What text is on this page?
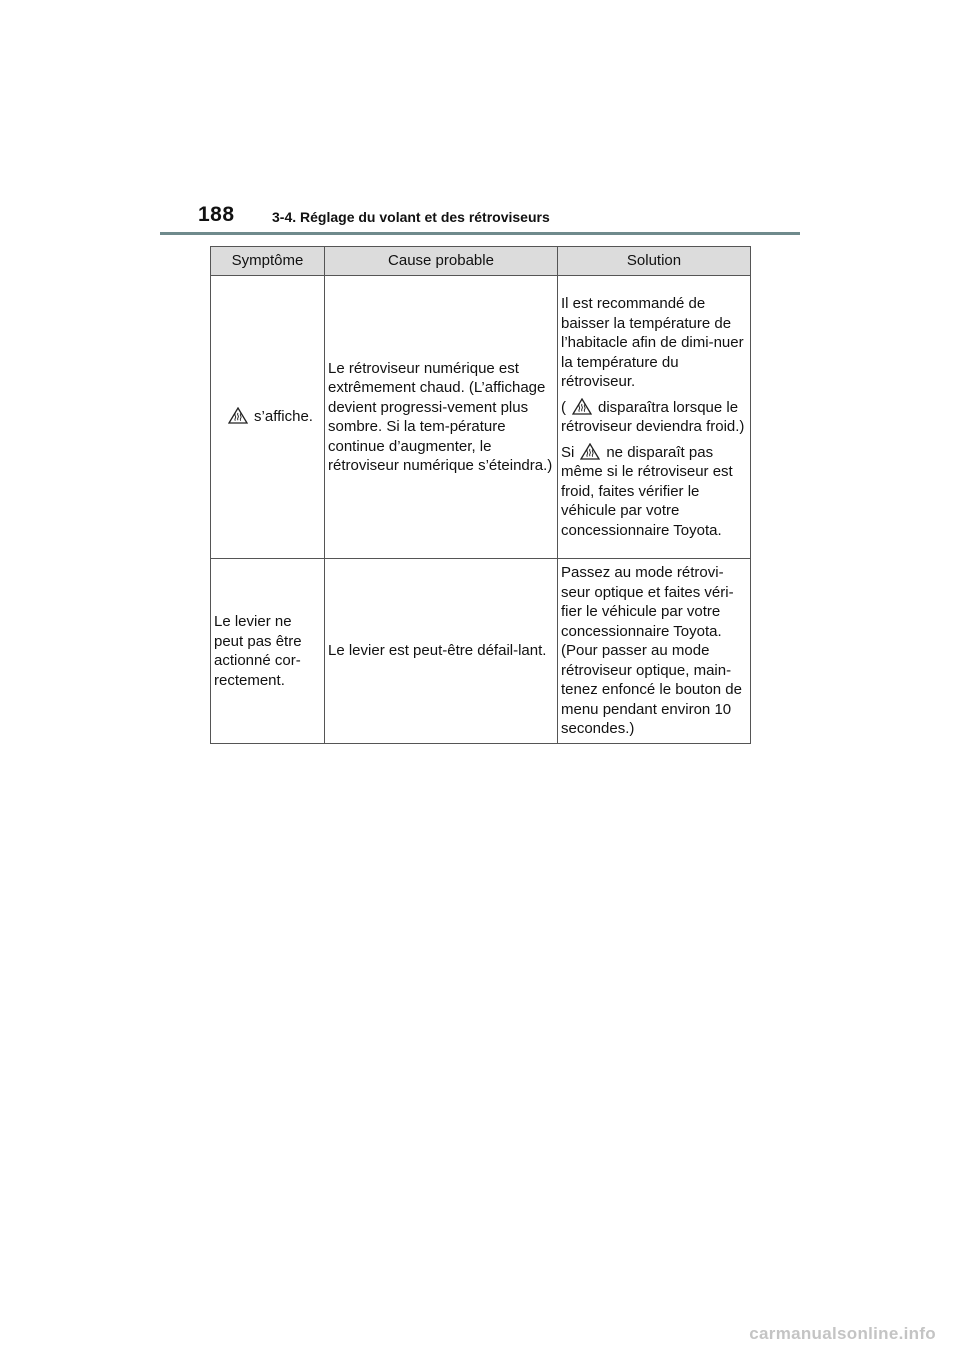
188	3-4. Réglage du volant et des rétroviseurs
Symptôme	Cause probable	Solution

s’affiche.	Le rétroviseur numérique est extrêmement chaud. (L’affichage devient progressi-vement plus sombre. Si la tem-pérature continue d’augmenter, le rétroviseur numérique s’éteindra.)	Il est recommandé de baisser la température de l’habitacle afin de dimi-nuer la température du rétroviseur.

( disparaîtra lorsque le rétroviseur deviendra froid.)

Si ne disparaît pas même si le rétroviseur est froid, faites vérifier le véhicule par votre concessionnaire Toyota.

Le levier ne peut pas être actionné cor-rectement.	Le levier est peut-être défail-lant.	Passez au mode rétrovi-seur optique et faites véri-fier le véhicule par votre concessionnaire Toyota. (Pour passer au mode rétroviseur optique, main-tenez enfoncé le bouton de menu pendant environ 10 secondes.)
carmanualsonline.info
